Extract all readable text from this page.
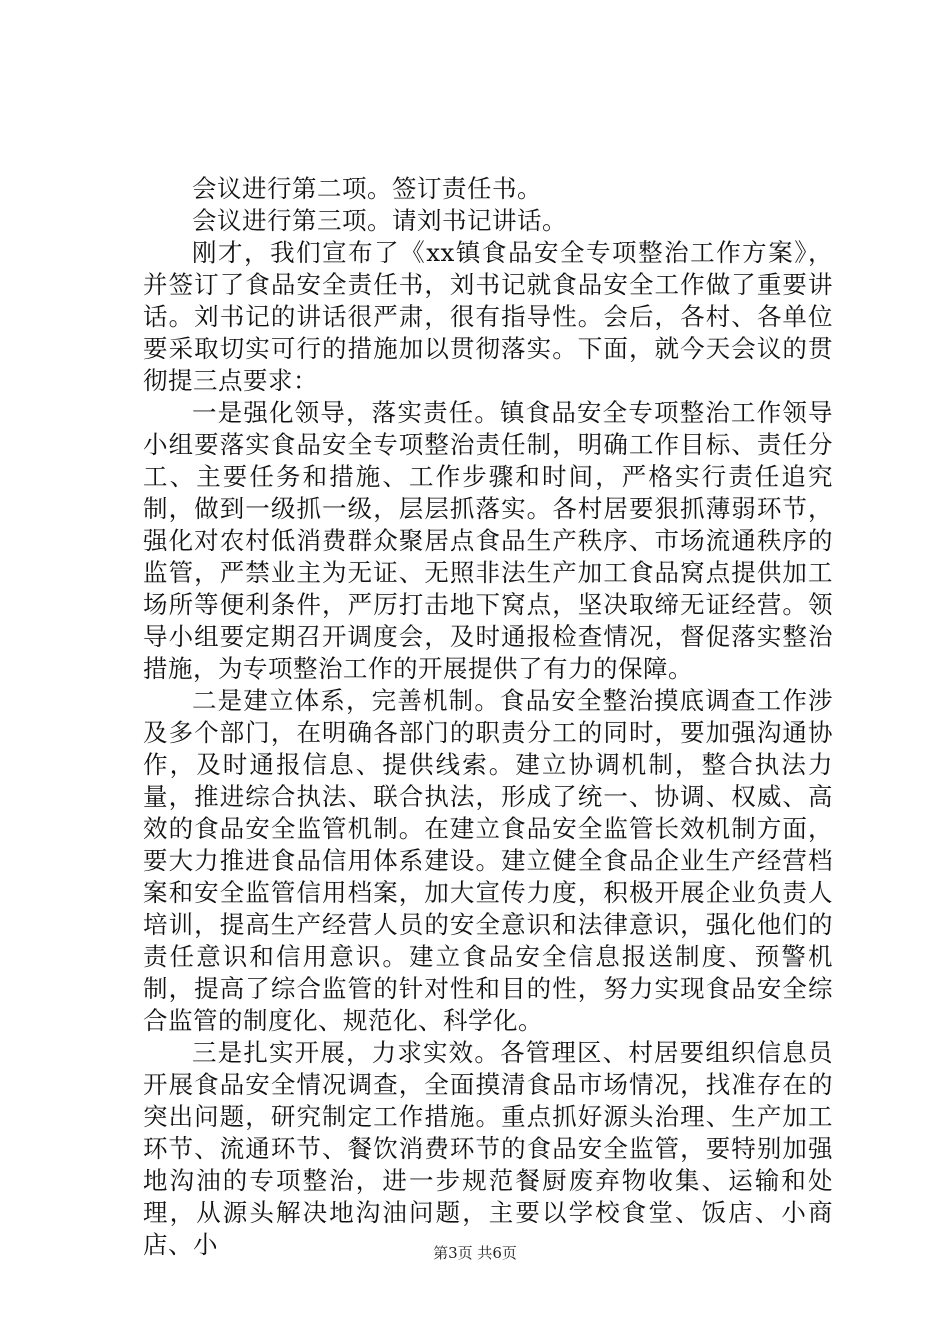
会议进行第二项。签订责任书。

会议进行第三项。请刘书记讲话。

刚才，我们宣布了《xx镇食品安全专项整治工作方案》，并签订了食品安全责任书，刘书记就食品安全工作做了重要讲话。刘书记的讲话很严肃，很有指导性。会后，各村、各单位要采取切实可行的措施加以贯彻落实。下面，就今天会议的贯彻提三点要求：

一是强化领导，落实责任。镇食品安全专项整治工作领导小组要落实食品安全专项整治责任制，明确工作目标、责任分工、主要任务和措施、工作步骤和时间，严格实行责任追究制，做到一级抓一级，层层抓落实。各村居要狠抓薄弱环节，强化对农村低消费群众聚居点食品生产秩序、市场流通秩序的监管，严禁业主为无证、无照非法生产加工食品窝点提供加工场所等便利条件，严厉打击地下窝点，坚决取缔无证经营。领导小组要定期召开调度会，及时通报检查情况，督促落实整治措施，为专项整治工作的开展提供了有力的保障。

二是建立体系，完善机制。食品安全整治摸底调查工作涉及多个部门，在明确各部门的职责分工的同时，要加强沟通协作，及时通报信息、提供线索。建立协调机制，整合执法力量，推进综合执法、联合执法，形成了统一、协调、权威、高效的食品安全监管机制。在建立食品安全监管长效机制方面，要大力推进食品信用体系建设。建立健全食品企业生产经营档案和安全监管信用档案，加大宣传力度，积极开展企业负责人培训，提高生产经营人员的安全意识和法律意识，强化他们的责任意识和信用意识。建立食品安全信息报送制度、预警机制，提高了综合监管的针对性和目的性，努力实现食品安全综合监管的制度化、规范化、科学化。

三是扎实开展，力求实效。各管理区、村居要组织信息员开展食品安全情况调查，全面摸清食品市场情况，找准存在的突出问题，研究制定工作措施。重点抓好源头治理、生产加工环节、流通环节、餐饮消费环节的食品安全监管，要特别加强地沟油的专项整治，进一步规范餐厨废弃物收集、运输和处理，从源头解决地沟油问题，主要以学校食堂、饭店、小商店、小	第3页 共6页
